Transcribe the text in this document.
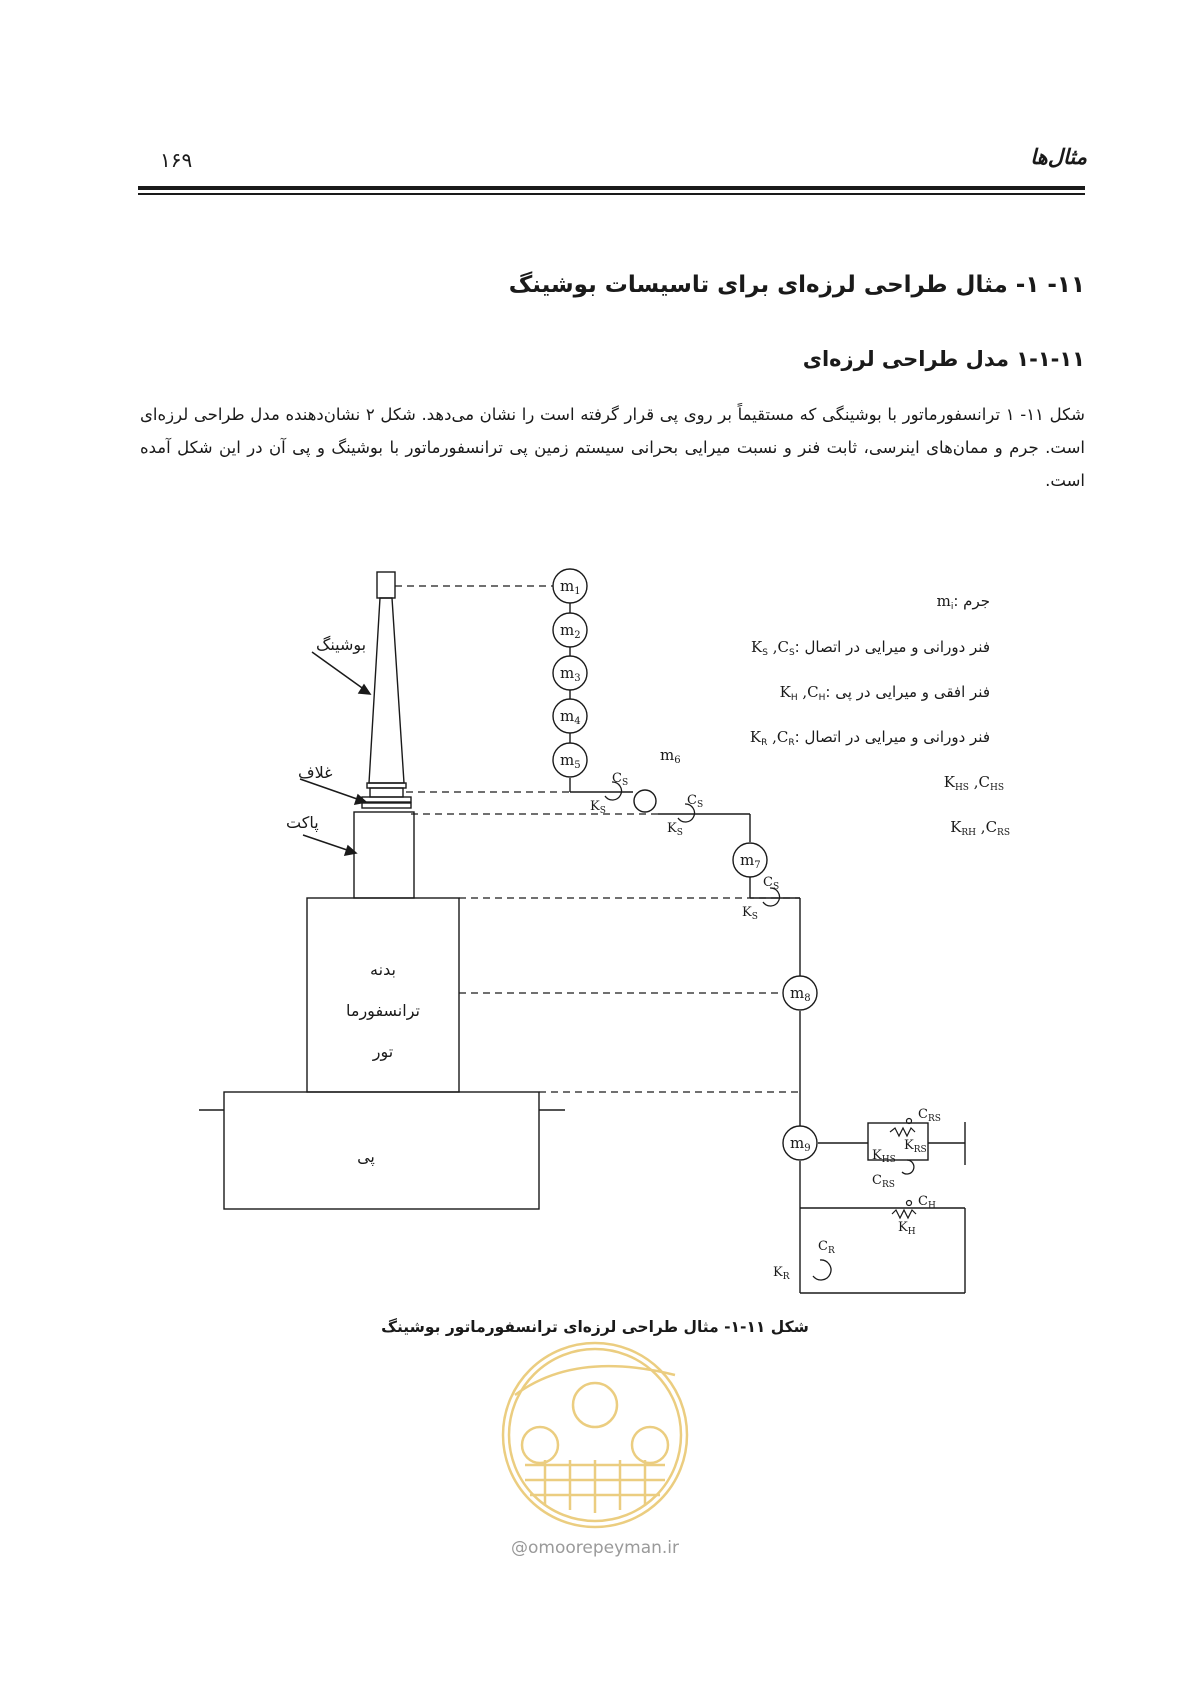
۱۶۹	مثال‌ها
۱۱- ۱- مثال طراحی لرزه‌ای برای تاسیسات بوشینگ
۱-۱-۱۱ مدل طراحی لرزه‌ای
شکل ۱۱- ۱ ترانسفورماتور با بوشینگی که مستقیماً بر روی پی قرار گرفته است را نشان می‌دهد. شکل ۲ نشان‌دهنده مدل طراحی لرزه‌ای است. جرم و ممان‌های اینرسی، ثابت فنر و نسبت میرایی بحرانی سیستم زمین پی ترانسفورماتور با بوشینگ و پی آن در این شکل آمده است.
$m_1$
$m_2$
$m_3$
$m_4$
$m_5$
$m_6$
$m_7$
$m_8$
$m_9$
$C_S$
$K_S$
$C_S$
$K_S$
$C_S$
$K_S$
$C_R$
$K_R$
$C_{RS}$
$K_{RS}$
$K_{HS}$
$C_{RS}$
$C_H$
$K_H$
بوشینگ
غلاف
پاکت
بدنه
ترانسفورما
تور
پی
$m_i$: جرم
$K_S$ $,C_S$: فنر دورانی و میرایی در اتصال
$K_H$ $,C_H$: فنر افقی و میرایی در پی
$K_R$ $,C_R$: فنر دورانی و میرایی در اتصال
$K_{HS}$ $,C_{HS}$
$K_{RH}$ $,C_{RS}$
شکل ۱۱-۱- مثال طراحی لرزه‌ای ترانسفورماتور بوشینگ
@omoorepeyman.ir
